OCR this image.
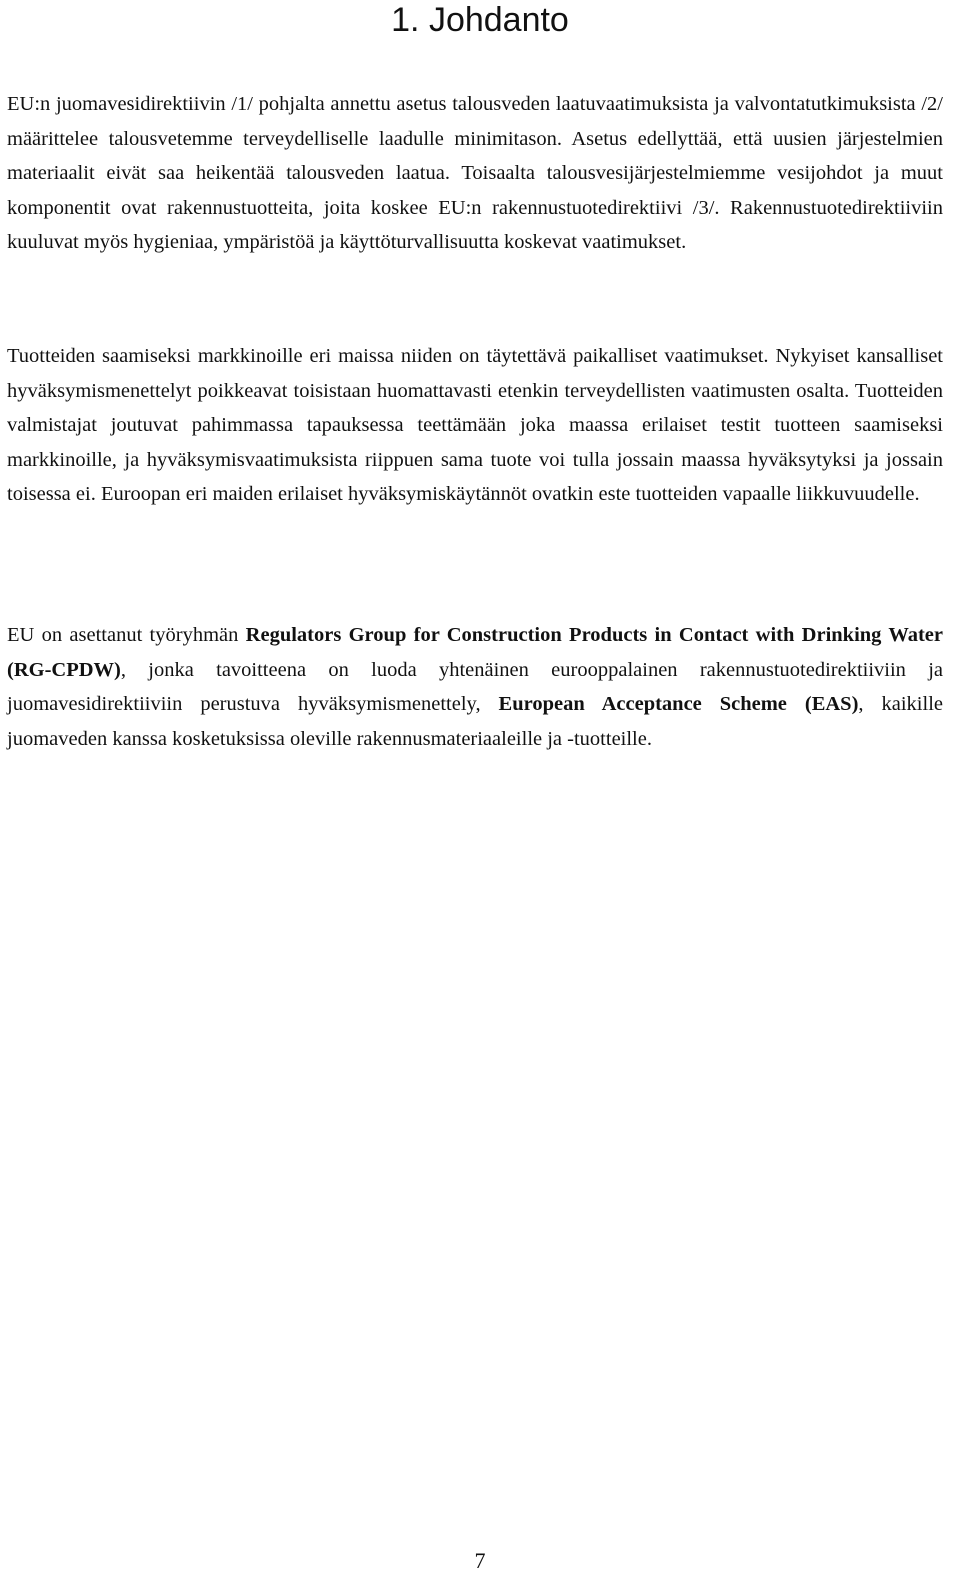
1. Johdanto

EU:n juomavesidirektiivin /1/ pohjalta annettu asetus talousveden laatuvaatimuksista ja valvontatutkimuksista /2/ määrittelee talousvetemme terveydelliselle laadulle minimitason. Asetus edellyttää, että uusien järjestelmien materiaalit eivät saa heikentää talousveden laatua. Toisaalta talousvesijärjestelmiemme vesijohdot ja muut komponentit ovat rakennustuotteita, joita koskee EU:n rakennustuotedirektiivi /3/. Rakennustuotedirektiiviin kuuluvat myös hygieniaa, ympäristöä ja käyttöturvallisuutta koskevat vaatimukset.

Tuotteiden saamiseksi markkinoille eri maissa niiden on täytettävä paikalliset vaatimukset. Nykyiset kansalliset hyväksymismenettelyt poikkeavat toisistaan huomattavasti etenkin terveydellisten vaatimusten osalta. Tuotteiden valmistajat joutuvat pahimmassa tapauksessa teettämään joka maassa erilaiset testit tuotteen saamiseksi markkinoille, ja hyväksymisvaatimuksista riippuen sama tuote voi tulla jossain maassa hyväksytyksi ja jossain toisessa ei. Euroopan eri maiden erilaiset hyväksymiskäytännöt ovatkin este tuotteiden vapaalle liikkuvuudelle.

EU on asettanut työryhmän Regulators Group for Construction Products in Contact with Drinking Water (RG-CPDW), jonka tavoitteena on luoda yhtenäinen eurooppalainen rakennustuotedirektiiviin ja juomavesidirektiiviin perustuva hyväksymismenettely, European Acceptance Scheme (EAS), kaikille juomaveden kanssa kosketuksissa oleville rakennusmateriaaleille ja -tuotteille.

7
